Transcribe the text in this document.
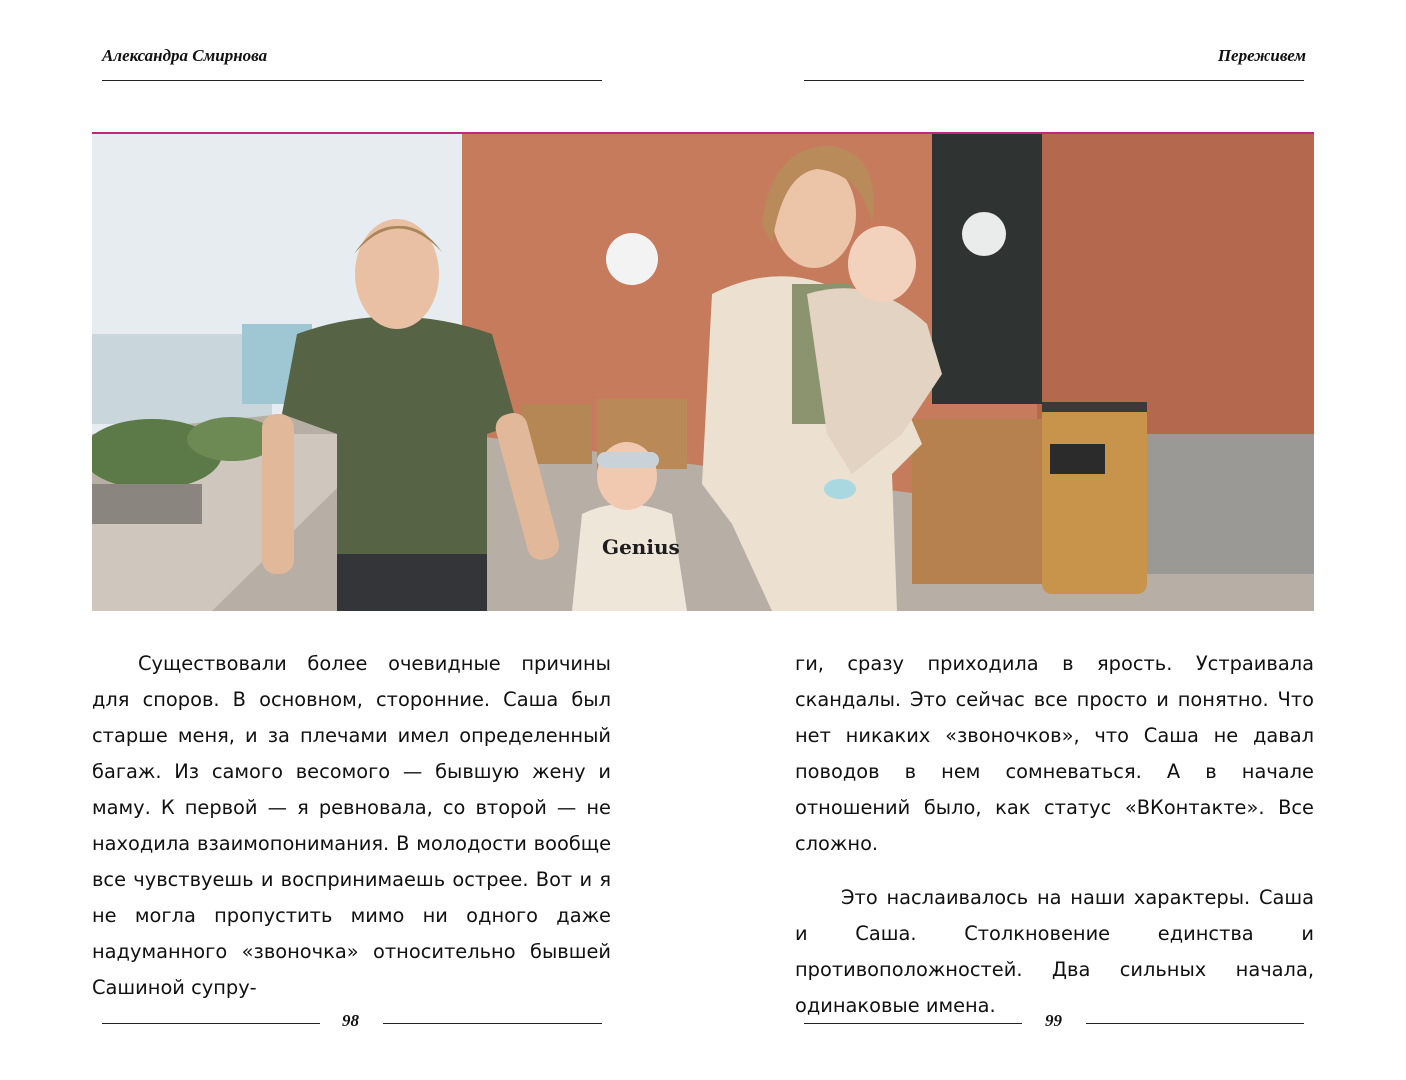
Александра Смирнова	Переживем
Genius

Существовали более очевидные причины для споров. В основном, сторонние. Саша был старше меня, и за плечами имел определенный багаж. Из самого весомого — бывшую жену и маму. К первой — я ревновала, со второй — не находила взаимопонимания. В молодости вообще все чувствуешь и воспринимаешь острее. Вот и я не могла пропустить мимо ни одного даже надуманного «звоночка» относительно бывшей Сашиной супру-

ги, сразу приходила в ярость. Устраивала скандалы. Это сейчас все просто и понятно. Что нет никаких «звоночков», что Саша не давал поводов в нем сомневаться. А в начале отношений было, как статус «ВКонтакте». Все сложно.

Это наслаивалось на наши характеры. Саша и Саша. Столкновение единства и противоположностей. Два сильных начала, одинаковые имена.

98	99
